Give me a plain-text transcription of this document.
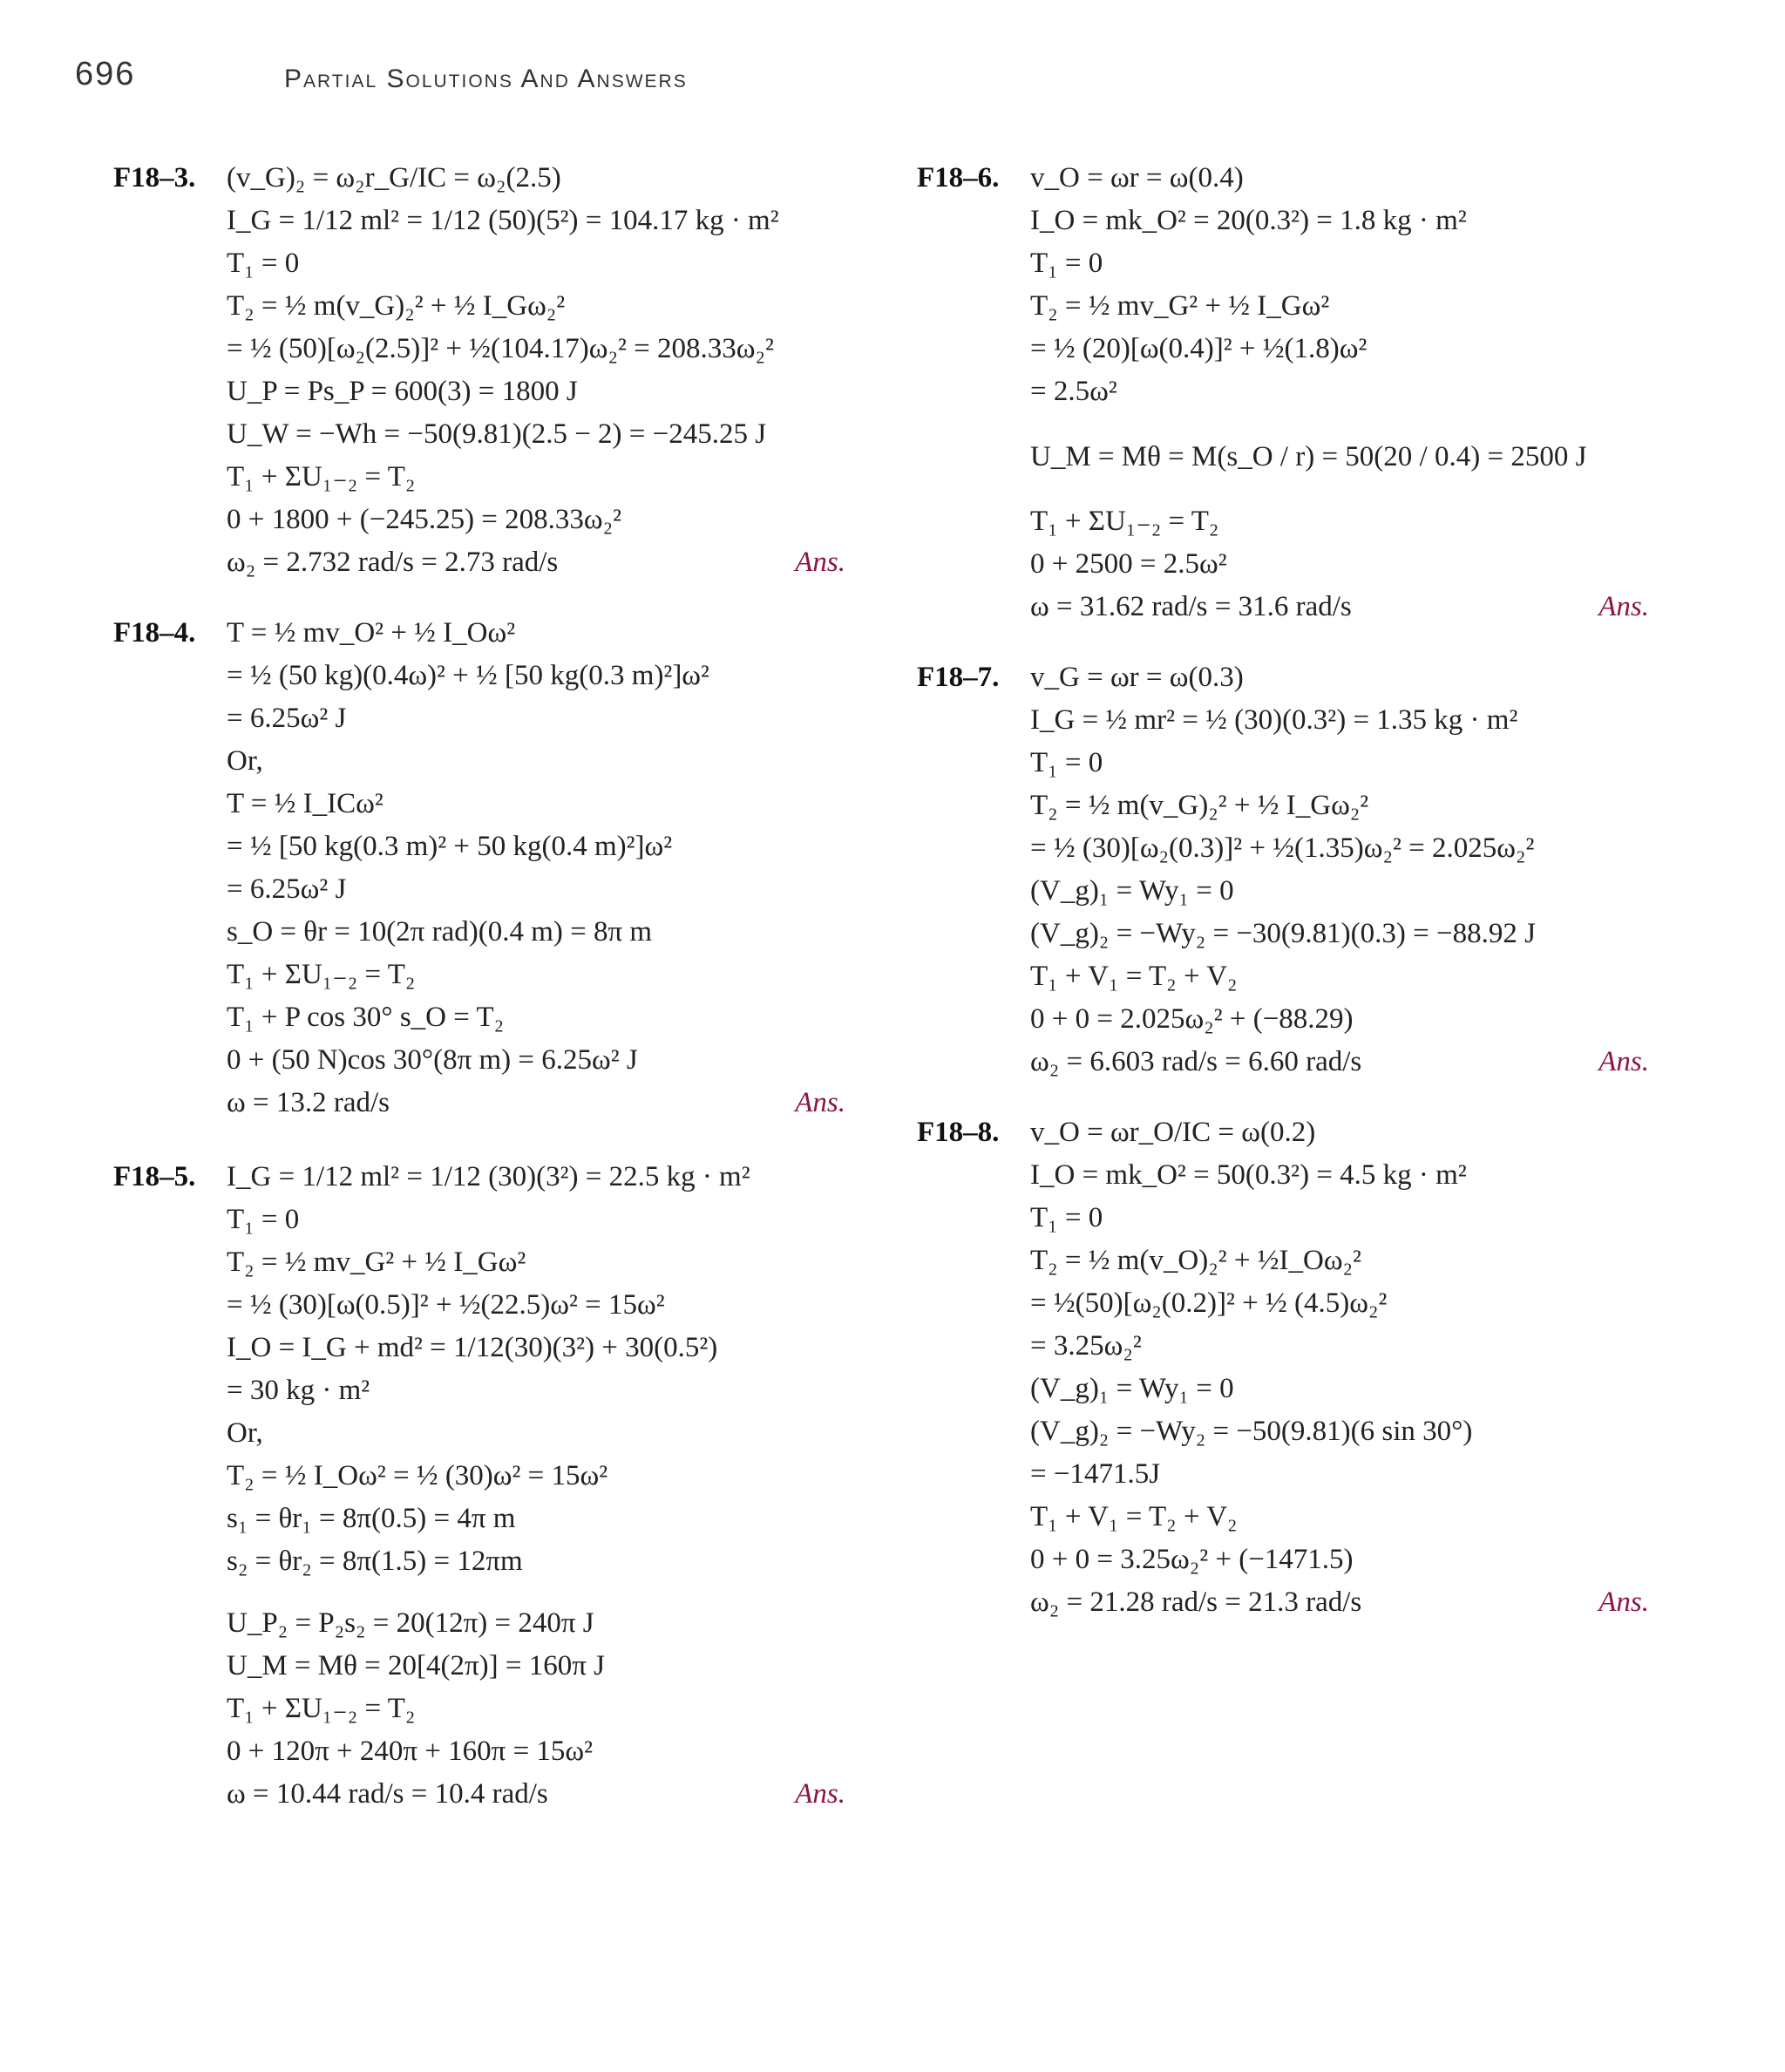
696	Partial Solutions And Answers
F18–3. (v_G)₂ = ω₂r_G/IC = ω₂(2.5)
I_G = 1/12 ml² = 1/12 (50)(5²) = 104.17 kg · m²
T₁ = 0
T₂ = ½ m(v_G)₂² + ½ I_Gω₂²
= ½ (50)[ω₂(2.5)]² + ½(104.17)ω₂² = 208.33ω₂²
U_P = Ps_P = 600(3) = 1800 J
U_W = −Wh = −50(9.81)(2.5 − 2) = −245.25 J
T₁ + ΣU₁₋₂ = T₂
0 + 1800 + (−245.25) = 208.33ω₂²
ω₂ = 2.732 rad/s = 2.73 rad/s	Ans.
F18–4. T = ½ mv_O² + ½ I_Oω²
= ½ (50 kg)(0.4ω)² + ½ [50 kg(0.3 m)²]ω²
= 6.25ω² J
Or,
T = ½ I_ICω²
= ½ [50 kg(0.3 m)² + 50 kg(0.4 m)²]ω²
= 6.25ω² J
s_O = θr = 10(2π rad)(0.4 m) = 8π m
T₁ + ΣU₁₋₂ = T₂
T₁ + P cos 30° s_O = T₂
0 + (50 N)cos 30°(8π m) = 6.25ω² J
ω = 13.2 rad/s	Ans.
F18–5. I_G = 1/12 ml² = 1/12 (30)(3²) = 22.5 kg · m²
T₁ = 0
T₂ = ½ mv_G² + ½ I_Gω²
= ½ (30)[ω(0.5)]² + ½(22.5)ω² = 15ω²
I_O = I_G + md² = 1/12(30)(3²) + 30(0.5²)
= 30 kg · m²
Or,
T₂ = ½ I_Oω² = ½ (30)ω² = 15ω²
s₁ = θr₁ = 8π(0.5) = 4π m
s₂ = θr₂ = 8π(1.5) = 12πm
U_P₂ = P₂s₂ = 20(12π) = 240π J
U_M = Mθ = 20[4(2π)] = 160π J
T₁ + ΣU₁₋₂ = T₂
0 + 120π + 240π + 160π = 15ω²
ω = 10.44 rad/s = 10.4 rad/s	Ans.
F18–6. v_O = ωr = ω(0.4)
I_O = mk_O² = 20(0.3²) = 1.8 kg · m²
T₁ = 0
T₂ = ½ mv_G² + ½ I_Gω²
= ½ (20)[ω(0.4)]² + ½(1.8)ω²
= 2.5ω²
U_M = Mθ = M(s_O / r) = 50(20 / 0.4) = 2500 J
T₁ + ΣU₁₋₂ = T₂
0 + 2500 = 2.5ω²
ω = 31.62 rad/s = 31.6 rad/s	Ans.
F18–7. v_G = ωr = ω(0.3)
I_G = ½ mr² = ½ (30)(0.3²) = 1.35 kg · m²
T₁ = 0
T₂ = ½ m(v_G)₂² + ½ I_Gω₂²
= ½ (30)[ω₂(0.3)]² + ½(1.35)ω₂² = 2.025ω₂²
(V_g)₁ = Wy₁ = 0
(V_g)₂ = −Wy₂ = −30(9.81)(0.3) = −88.92 J
T₁ + V₁ = T₂ + V₂
0 + 0 = 2.025ω₂² + (−88.29)
ω₂ = 6.603 rad/s = 6.60 rad/s	Ans.
F18–8. v_O = ωr_O/IC = ω(0.2)
I_O = mk_O² = 50(0.3²) = 4.5 kg · m²
T₁ = 0
T₂ = ½ m(v_O)₂² + ½I_Oω₂²
= ½(50)[ω₂(0.2)]² + ½ (4.5)ω₂²
= 3.25ω₂²
(V_g)₁ = Wy₁ = 0
(V_g)₂ = −Wy₂ = −50(9.81)(6 sin 30°)
= −1471.5J
T₁ + V₁ = T₂ + V₂
0 + 0 = 3.25ω₂² + (−1471.5)
ω₂ = 21.28 rad/s = 21.3 rad/s	Ans.
